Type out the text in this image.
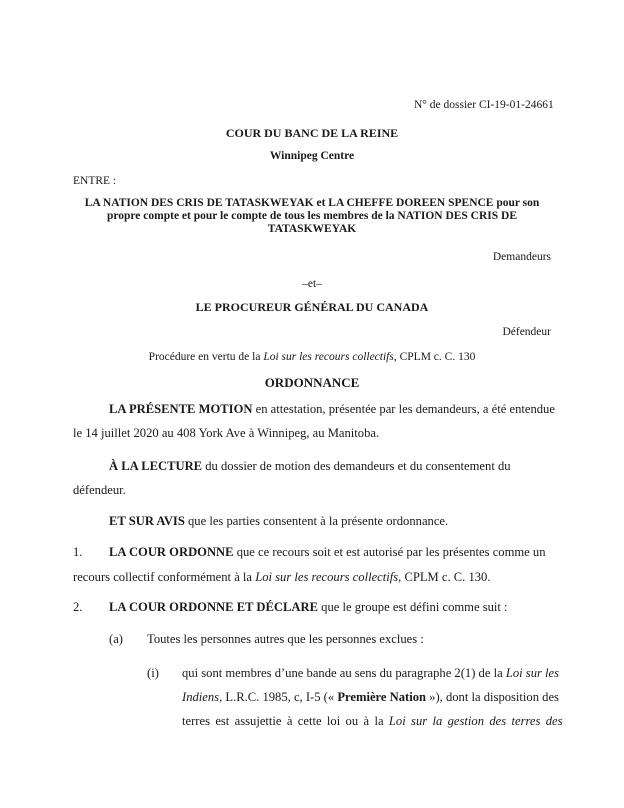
N° de dossier CI-19-01-24661
COUR DU BANC DE LA REINE
Winnipeg Centre
ENTRE :
LA NATION DES CRIS DE TATASKWEYAK et LA CHEFFE DOREEN SPENCE pour son
propre compte et pour le compte de tous les membres de la NATION DES CRIS DE
TATASKWEYAK
Demandeurs
–et–
LE PROCUREUR GÉNÉRAL DU CANADA
Défendeur
Procédure en vertu de la Loi sur les recours collectifs, CPLM c. C. 130
ORDONNANCE
LA PRÉSENTE MOTION en attestation, présentée par les demandeurs, a été entendue
le 14 juillet 2020 au 408 York Ave à Winnipeg, au Manitoba.
À LA LECTURE du dossier de motion des demandeurs et du consentement du
défendeur.
ET SUR AVIS que les parties consentent à la présente ordonnance.
1. LA COUR ORDONNE que ce recours soit et est autorisé par les présentes comme un
recours collectif conformément à la Loi sur les recours collectifs, CPLM c. C. 130.
2. LA COUR ORDONNE ET DÉCLARE que le groupe est défini comme suit :
(a) Toutes les personnes autres que les personnes exclues :
(i) qui sont membres d’une bande au sens du paragraphe 2(1) de la Loi sur les
Indiens, L.R.C. 1985, c, I-5 (« Première Nation »), dont la disposition des
terres est assujettie à cette loi ou à la Loi sur la gestion des terres des
